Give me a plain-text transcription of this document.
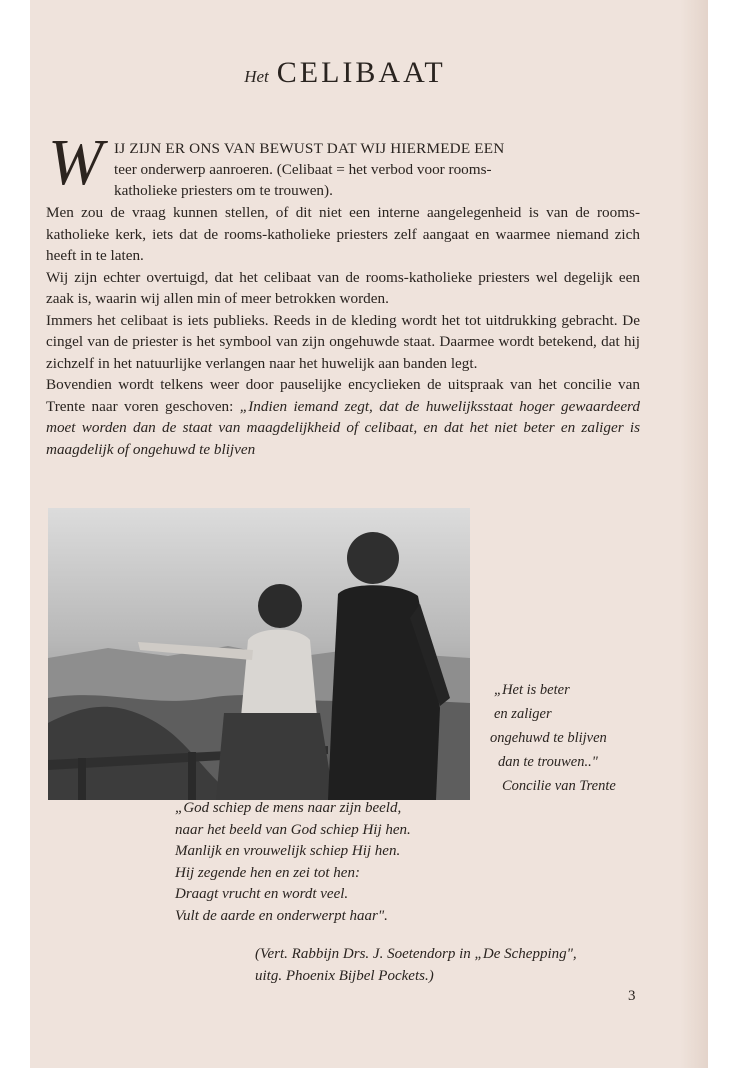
Het CELIBAAT
W IJ ZIJN ER ONS VAN BEWUST DAT WIJ HIERMEDE EEN
teer onderwerp aanroeren. (Celibaat = het verbod voor rooms-
katholieke priesters om te trouwen).

Men zou de vraag kunnen stellen, of dit niet een interne aangelegenheid is van de rooms-katholieke kerk, iets dat de rooms-katholieke priesters zelf aangaat en waarmee niemand zich heeft in te laten.

Wij zijn echter overtuigd, dat het celibaat van de rooms-katholieke priesters wel degelijk een zaak is, waarin wij allen min of meer betrokken worden.

Immers het celibaat is iets publieks. Reeds in de kleding wordt het tot uitdrukking gebracht. De cingel van de priester is het symbool van zijn ongehuwde staat. Daarmee wordt betekend, dat hij zichzelf in het natuurlijke verlangen naar het huwelijk aan banden legt.

Bovendien wordt telkens weer door pauselijke encyclieken de uitspraak van het concilie van Trente naar voren geschoven: „Indien iemand zegt, dat de huwelijksstaat hoger gewaardeerd moet worden dan de staat van maagdelijkheid of celibaat, en dat het niet beter en zaliger is maagdelijk of ongehuwd te blijven

„Het is beter
en zaliger
ongehuwd te blijven
dan te trouwen.."
Concilie van Trente
„God schiep de mens naar zijn beeld,
naar het beeld van God schiep Hij hen.
Manlijk en vrouwelijk schiep Hij hen.
Hij zegende hen en zei tot hen:
Draagt vrucht en wordt veel.
Vult de aarde en onderwerpt haar".
(Vert. Rabbijn Drs. J. Soetendorp in „De Schepping",
uitg. Phoenix Bijbel Pockets.)
3
